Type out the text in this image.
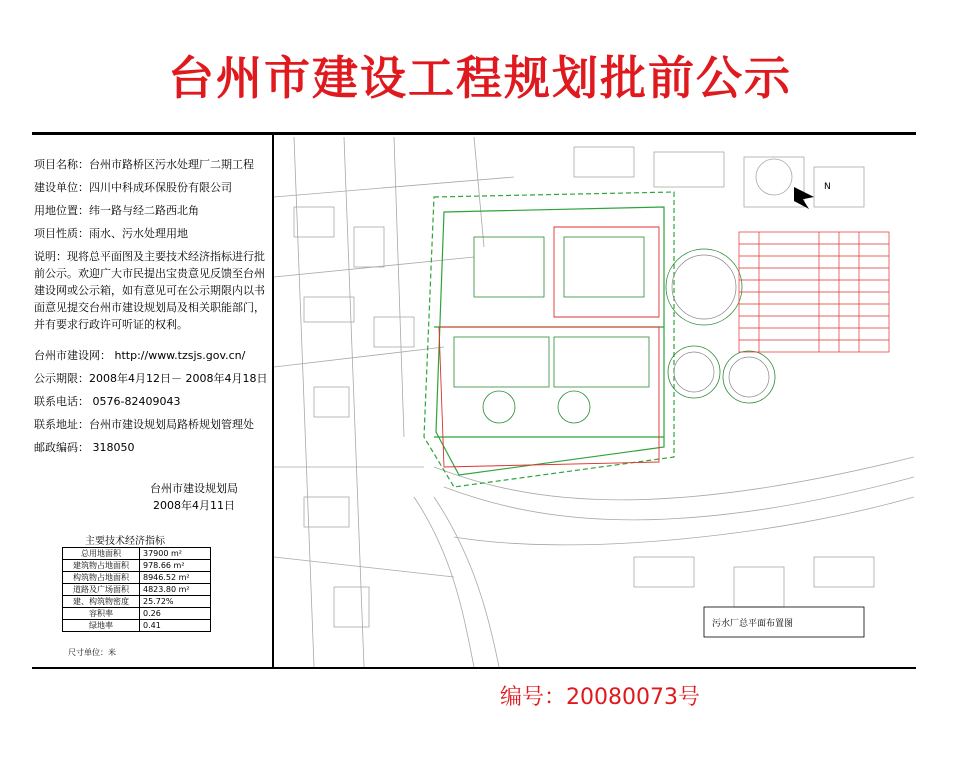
台州市建设工程规划批前公示
项目名称：台州市路桥区污水处理厂二期工程
建设单位：四川中科成环保股份有限公司
用地位置：纬一路与经二路西北角
项目性质：雨水、污水处理用地
说明：现将总平面图及主要技术经济指标进行批前公示。欢迎广大市民提出宝贵意见反馈至台州建设网或公示箱，如有意见可在公示期限内以书面意见提交台州市建设规划局及相关职能部门，并有要求行政许可听证的权利。
台州市建设网： http://www.tzsjs.gov.cn/
公示期限：2008年4月12日－ 2008年4月18日
联系电话： 0576-82409043
联系地址：台州市建设规划局路桥规划管理处
邮政编码： 318050
台州市建设规划局
2008年4月11日
主要技术经济指标
总用地面积	37900 m²
建筑物占地面积	978.66 m²
构筑物占地面积	8946.52 m²
道路及广场面积	4823.80 m²
建、构筑物密度	25.72%
容积率	0.26
绿地率	0.41
尺寸单位：米
N
污水厂总平面布置图
编号：20080073号
